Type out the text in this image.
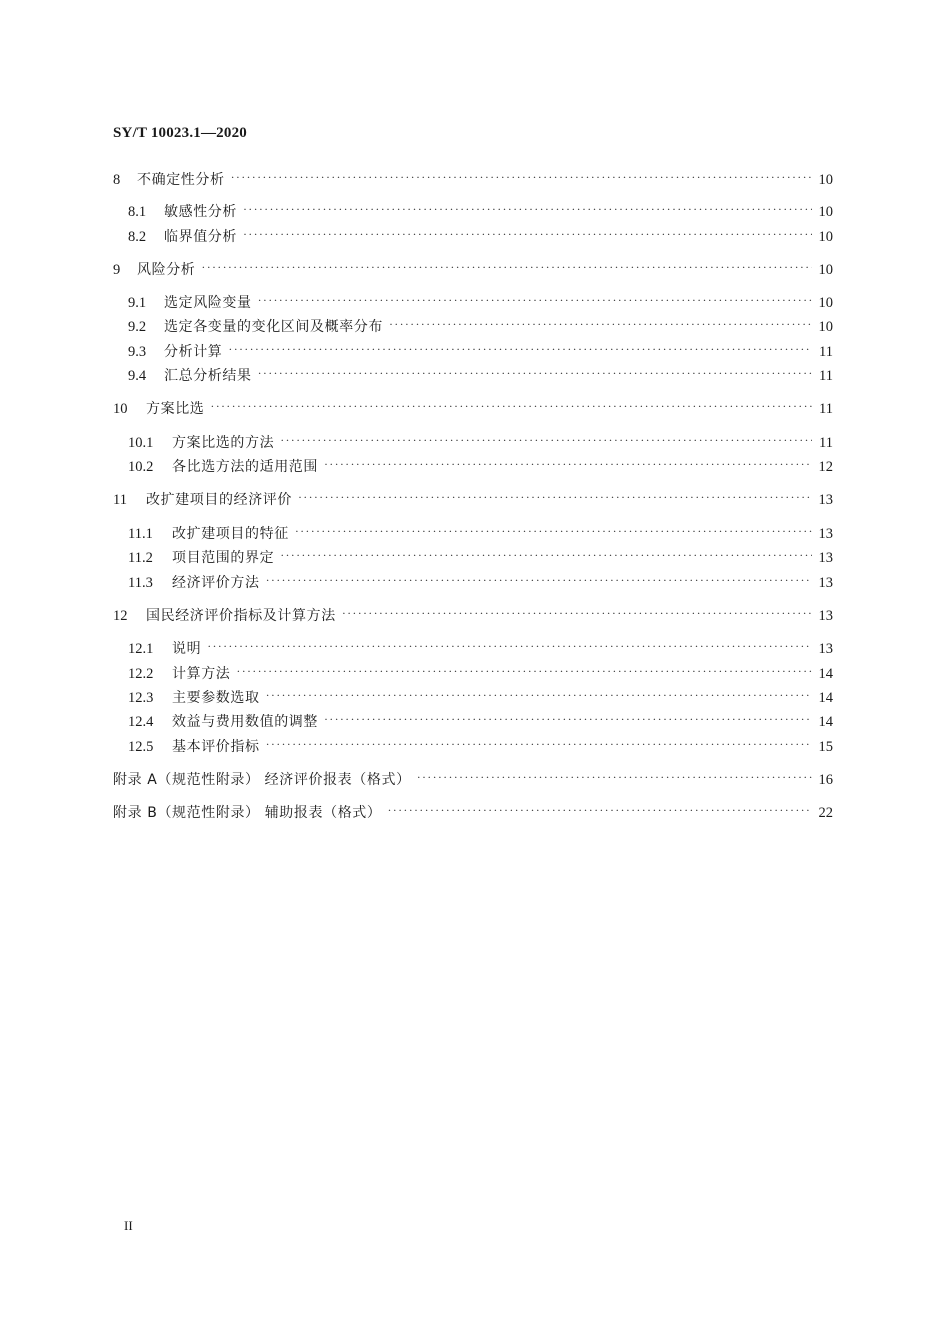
SY/T 10023.1—2020
8	不确定性分析 ·····	10
8.1	敏感性分析 ·····	10
8.2	临界值分析 ·····	10
9	风险分析 ·····	10
9.1	选定风险变量 ·····	10
9.2	选定各变量的变化区间及概率分布 ·····	10
9.3	分析计算 ·····	11
9.4	汇总分析结果 ·····	11
10	方案比选 ·····	11
10.1	方案比选的方法 ·····	11
10.2	各比选方法的适用范围 ·····	12
11	改扩建项目的经济评价 ·····	13
11.1	改扩建项目的特征 ·····	13
11.2	项目范围的界定 ·····	13
11.3	经济评价方法 ·····	13
12	国民经济评价指标及计算方法 ·····	13
12.1	说明 ·····	13
12.2	计算方法 ·····	14
12.3	主要参数选取 ·····	14
12.4	效益与费用数值的调整 ·····	14
12.5	基本评价指标 ·····	15
附录 A（规范性附录） 经济评价报表（格式） ·····	16
附录 B（规范性附录） 辅助报表（格式） ·····	22
II
